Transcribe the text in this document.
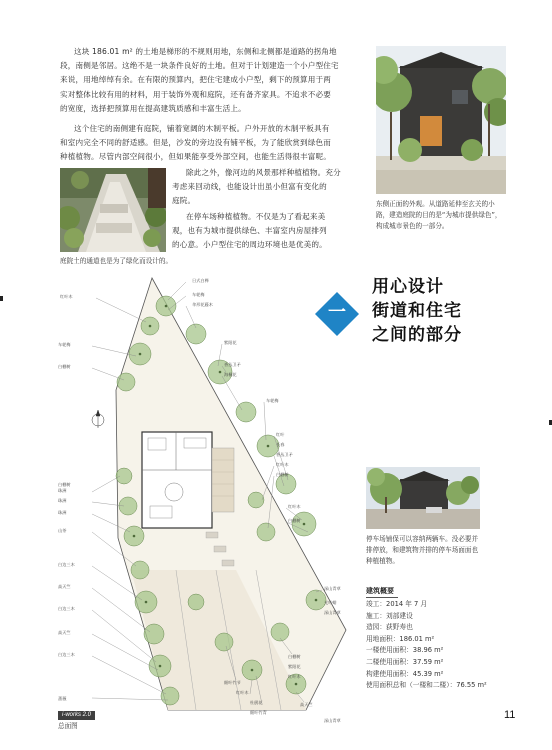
这块 186.01 m² 的土地是梯形的不规则用地，东侧和北侧都是道路的拐角地
段，南侧是邻居。这绝不是一块条件良好的土地。但对于计划建造一个小户型住宅
来说，用地绰绰有余。在有限的预算内，把住宅建成小户型，剩下的预算用于两
实对整体比较有用的材料，用于装饰外观和庭院，还有备齐家具。不追求不必要
的宽度，选择把预算用在提高建筑质感和丰富生活上。
这个住宅的南侧建有庭院，铺着宽阔的木制平板。户外开放的木制平板具有
和室内完全不同的舒适感。但是，沙发的旁边没有铺平板，为了能欣赏到绿色而
种植植物。尽管内部空间很小，但如果能享受外部空间，也能生活得很丰富呢。
除此之外，像河边的风景那样种植植物。充分
考虑来回动线，也能设计出虽小但富有变化的
庭院。
在停车场种植植物。不仅是为了看起来美
观，也有为城市提供绿色、丰富室内房屋排列
的心意。小户型住宅的周边环境也是优美的。
庭院土的通道也是为了绿化而设计的。
东侧正面的外观。从道路延伸至玄关的小
路，建造庭院的目的是“为城市提供绿色”，
构成城市景色的一部分。
一
用心设计
街道和住宅
之间的部分
日式白桦
红叶木	车轮梅
伞形花藤木
车轮梅
白棚树
紫阳花
香丛卫矛
海桐花
车轮梅
红叶
长春
香丛卫矛
红叶木
白棚树
红叶木
白棚树
珠洲
珠洲
珠洲
白棚树
山茶
白边三木
高天竺
白边三木
高天竺
白边三木
深山青草
光叶蜡
细叶竹节
红叶木
蔷薇
高天竺
深山青草
深山青草
白棚树
紫阳花
红叶木
杜鹃花
细叶竹青
i-works 2.0
总面图
停车场铺保可以容纳两辆车。没必要并
排停放，和建筑物并排的停车场面面也
种植植物。
建筑概要
竣工：2014 年 7 月
施工：刘部建设
造园：荻野寿也
用地面积：186.01 m²
一楼使用面积：38.96 m²
二楼使用面积：37.59 m²
构建使用面积：45.39 m²
使用面积总和（一楼和二楼）：76.55 m²
11
